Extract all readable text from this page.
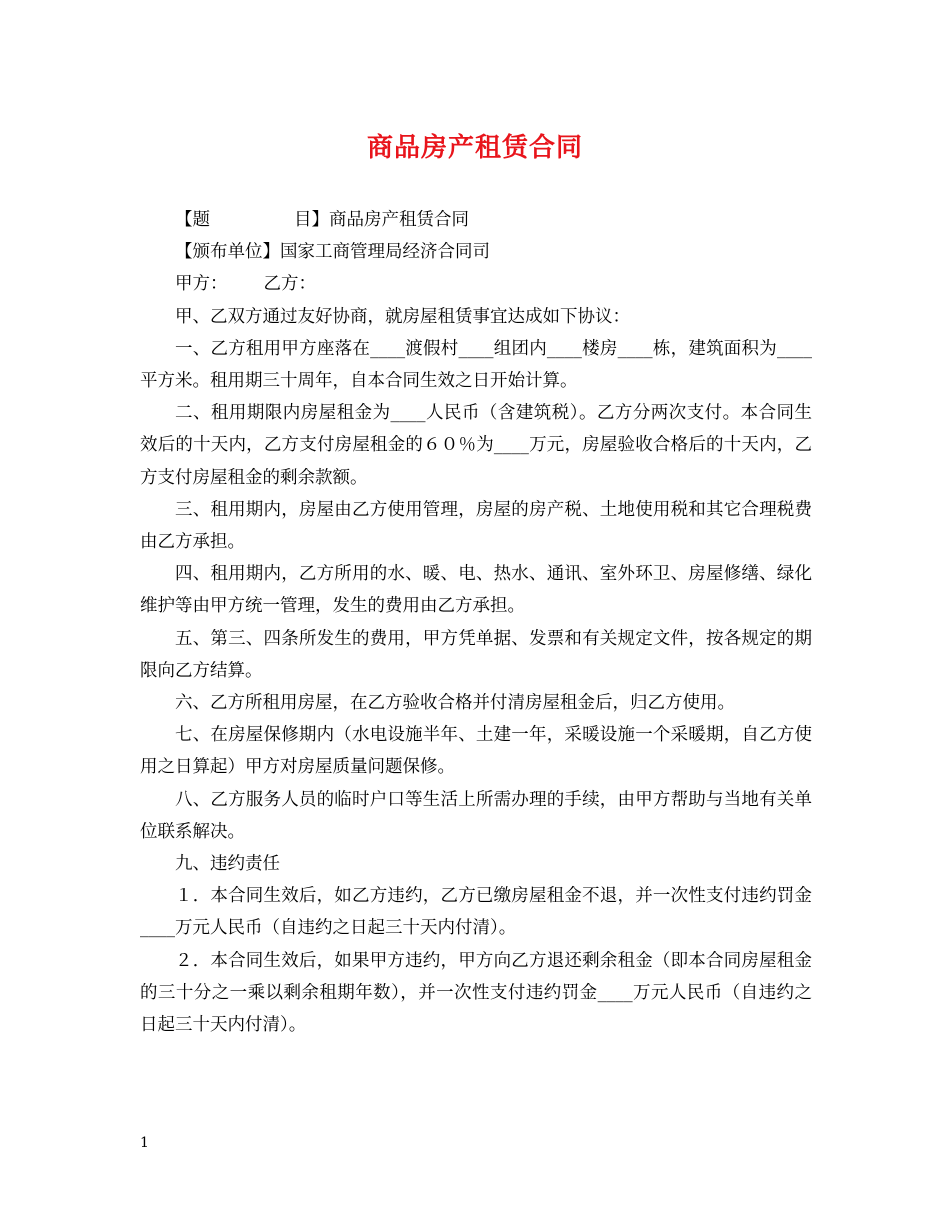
商品房产租赁合同

【题	目】商品房产租赁合同

【颁布单位】国家工商管理局经济合同司

甲方： 乙方：

甲、乙双方通过友好协商，就房屋租赁事宜达成如下协议：

一、乙方租用甲方座落在____渡假村____组团内____楼房____栋，建筑面积为____平方米。租用期三十周年，自本合同生效之日开始计算。

二、租用期限内房屋租金为____人民币（含建筑税）。乙方分两次支付。本合同生效后的十天内，乙方支付房屋租金的６０％为____万元，房屋验收合格后的十天内，乙方支付房屋租金的剩余款额。

三、租用期内，房屋由乙方使用管理，房屋的房产税、土地使用税和其它合理税费由乙方承担。

四、租用期内，乙方所用的水、暖、电、热水、通讯、室外环卫、房屋修缮、绿化维护等由甲方统一管理，发生的费用由乙方承担。

五、第三、四条所发生的费用，甲方凭单据、发票和有关规定文件，按各规定的期限向乙方结算。

六、乙方所租用房屋，在乙方验收合格并付清房屋租金后，归乙方使用。

七、在房屋保修期内（水电设施半年、土建一年，采暖设施一个采暖期，自乙方使用之日算起）甲方对房屋质量问题保修。

八、乙方服务人员的临时户口等生活上所需办理的手续，由甲方帮助与当地有关单位联系解决。

九、违约责任

１．本合同生效后，如乙方违约，乙方已缴房屋租金不退，并一次性支付违约罚金____万元人民币（自违约之日起三十天内付清）。

２．本合同生效后，如果甲方违约，甲方向乙方退还剩余租金（即本合同房屋租金的三十分之一乘以剩余租期年数），并一次性支付违约罚金____万元人民币（自违约之日起三十天内付清）。

1
